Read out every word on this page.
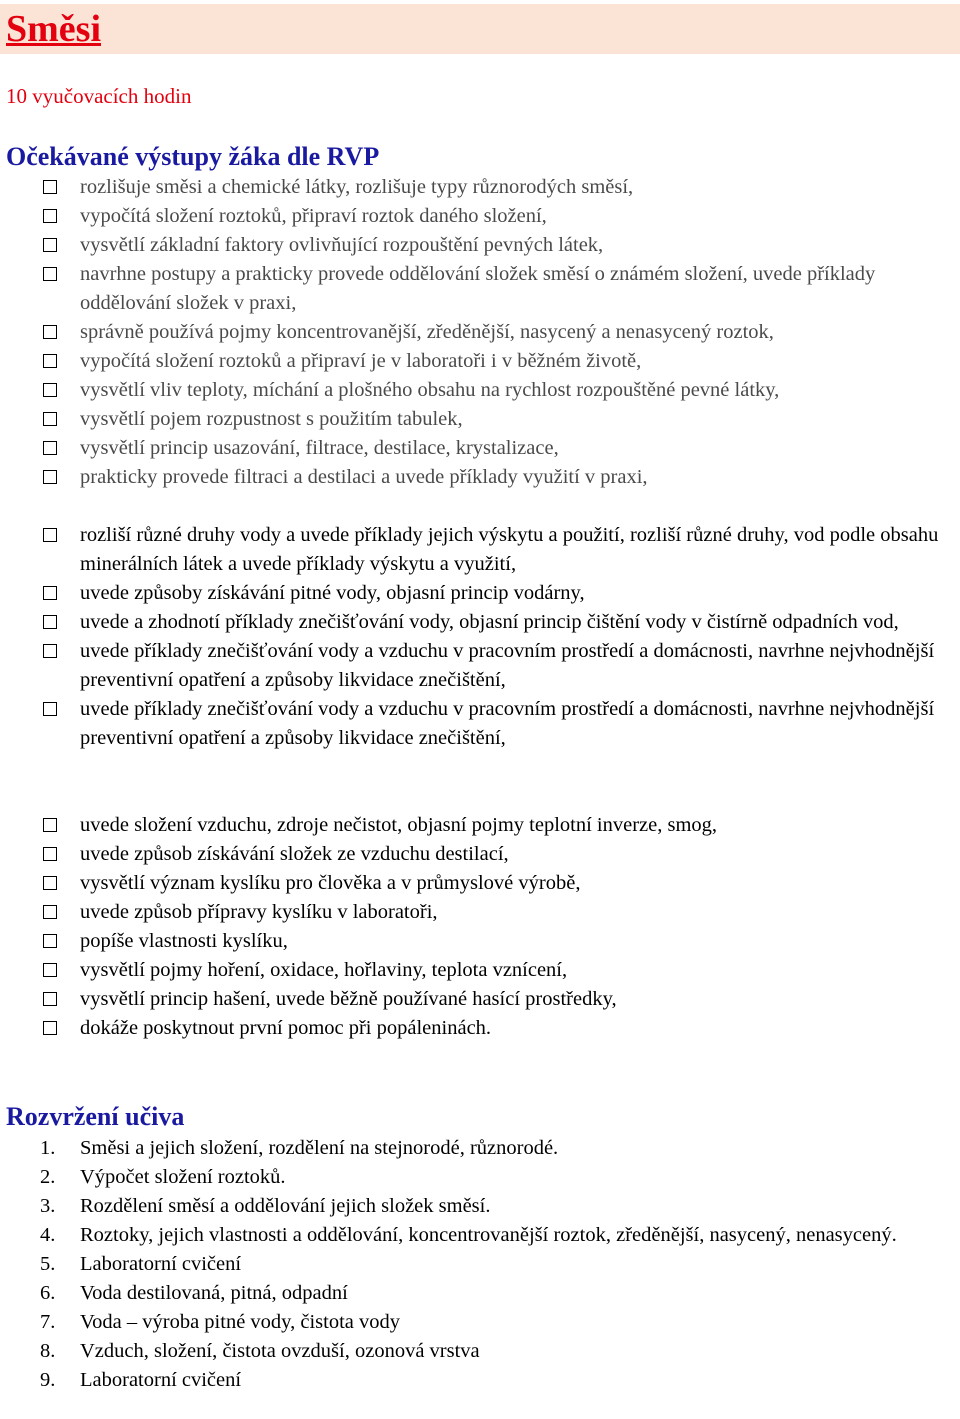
Směsi
10 vyučovacích hodin
Očekávané výstupy žáka dle RVP
rozlišuje směsi a chemické látky, rozlišuje typy různorodých směsí,
vypočítá složení roztoků, připraví roztok daného složení,
vysvětlí základní faktory ovlivňující rozpouštění pevných látek,
navrhne postupy a prakticky provede oddělování složek směsí o známém složení, uvede příklady oddělování složek v praxi,
správně používá pojmy koncentrovanější, zředěnější, nasycený a nenasycený roztok,
vypočítá složení roztoků a připraví je v laboratoři i v běžném životě,
vysvětlí vliv teploty, míchání a plošného obsahu na rychlost rozpouštěné pevné látky,
vysvětlí pojem rozpustnost s použitím tabulek,
vysvětlí princip usazování, filtrace, destilace, krystalizace,
prakticky provede filtraci a destilaci a uvede příklady využití v praxi,
rozliší různé druhy vody a uvede příklady jejich výskytu a použití, rozliší různé druhy, vod podle obsahu minerálních látek a uvede příklady výskytu a využití,
uvede způsoby získávání pitné vody, objasní princip vodárny,
uvede a zhodnotí příklady znečišťování vody, objasní princip čištění vody v čistírně odpadních vod,
uvede příklady znečišťování vody a vzduchu v pracovním prostředí a domácnosti, navrhne nejvhodnější preventivní opatření a způsoby likvidace znečištění,
uvede příklady znečišťování vody a vzduchu v pracovním prostředí a domácnosti, navrhne nejvhodnější preventivní opatření a způsoby likvidace znečištění,
uvede složení vzduchu, zdroje nečistot, objasní pojmy teplotní inverze, smog,
uvede způsob získávání složek ze vzduchu destilací,
vysvětlí význam kyslíku pro člověka a v průmyslové výrobě,
uvede způsob přípravy kyslíku v laboratoři,
popíše vlastnosti kyslíku,
vysvětlí pojmy hoření, oxidace, hořlaviny, teplota vznícení,
vysvětlí princip hašení, uvede běžně používané hasící prostředky,
dokáže poskytnout první pomoc při popáleninách.
Rozvržení učiva
1.	Směsi a jejich složení, rozdělení na stejnorodé, různorodé.
2.	Výpočet složení roztoků.
3.	Rozdělení směsí a oddělování jejich složek směsí.
4.	Roztoky, jejich vlastnosti a oddělování, koncentrovanější roztok, zředěnější, nasycený, nenasycený.
5.	Laboratorní cvičení
6.	Voda destilovaná, pitná, odpadní
7.	Voda – výroba pitné vody, čistota vody
8.	Vzduch, složení, čistota ovzduší, ozonová vrstva
9.	Laboratorní cvičení
